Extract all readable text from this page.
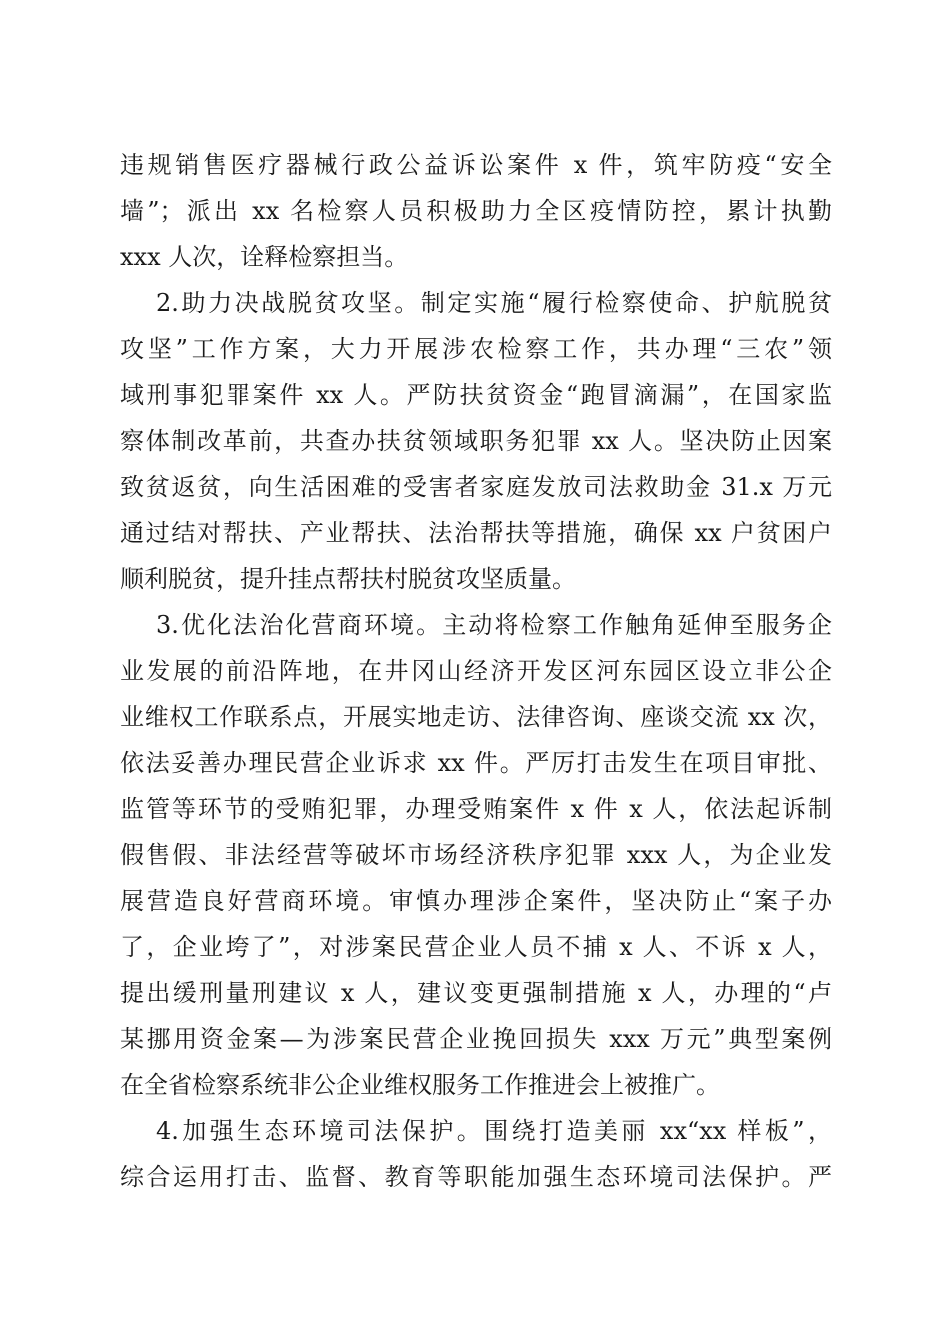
违规销售医疗器械行政公益诉讼案件 x 件，筑牢防疫“安全
墙”；派出 xx 名检察人员积极助力全区疫情防控，累计执勤
xxx 人次，诠释检察担当。
2.助力决战脱贫攻坚。制定实施“履行检察使命、护航脱贫
攻坚”工作方案，大力开展涉农检察工作，共办理“三农”领
域刑事犯罪案件 xx 人。严防扶贫资金“跑冒滴漏”，在国家监
察体制改革前，共查办扶贫领域职务犯罪 xx 人。坚决防止因案
致贫返贫，向生活困难的受害者家庭发放司法救助金 31.x 万元
通过结对帮扶、产业帮扶、法治帮扶等措施，确保 xx 户贫困户
顺利脱贫，提升挂点帮扶村脱贫攻坚质量。
3.优化法治化营商环境。主动将检察工作触角延伸至服务企
业发展的前沿阵地，在井冈山经济开发区河东园区设立非公企
业维权工作联系点，开展实地走访、法律咨询、座谈交流 xx 次，
依法妥善办理民营企业诉求 xx 件。严厉打击发生在项目审批、
监管等环节的受贿犯罪，办理受贿案件 x 件 x 人，依法起诉制
假售假、非法经营等破坏市场经济秩序犯罪 xxx 人，为企业发
展营造良好营商环境。审慎办理涉企案件，坚决防止“案子办
了，企业垮了”，对涉案民营企业人员不捕 x 人、不诉 x 人，
提出缓刑量刑建议 x 人，建议变更强制措施 x 人，办理的“卢
某挪用资金案—为涉案民营企业挽回损失 xxx 万元”典型案例
在全省检察系统非公企业维权服务工作推进会上被推广。
4.加强生态环境司法保护。围绕打造美丽 xx“xx 样板”，
综合运用打击、监督、教育等职能加强生态环境司法保护。严
